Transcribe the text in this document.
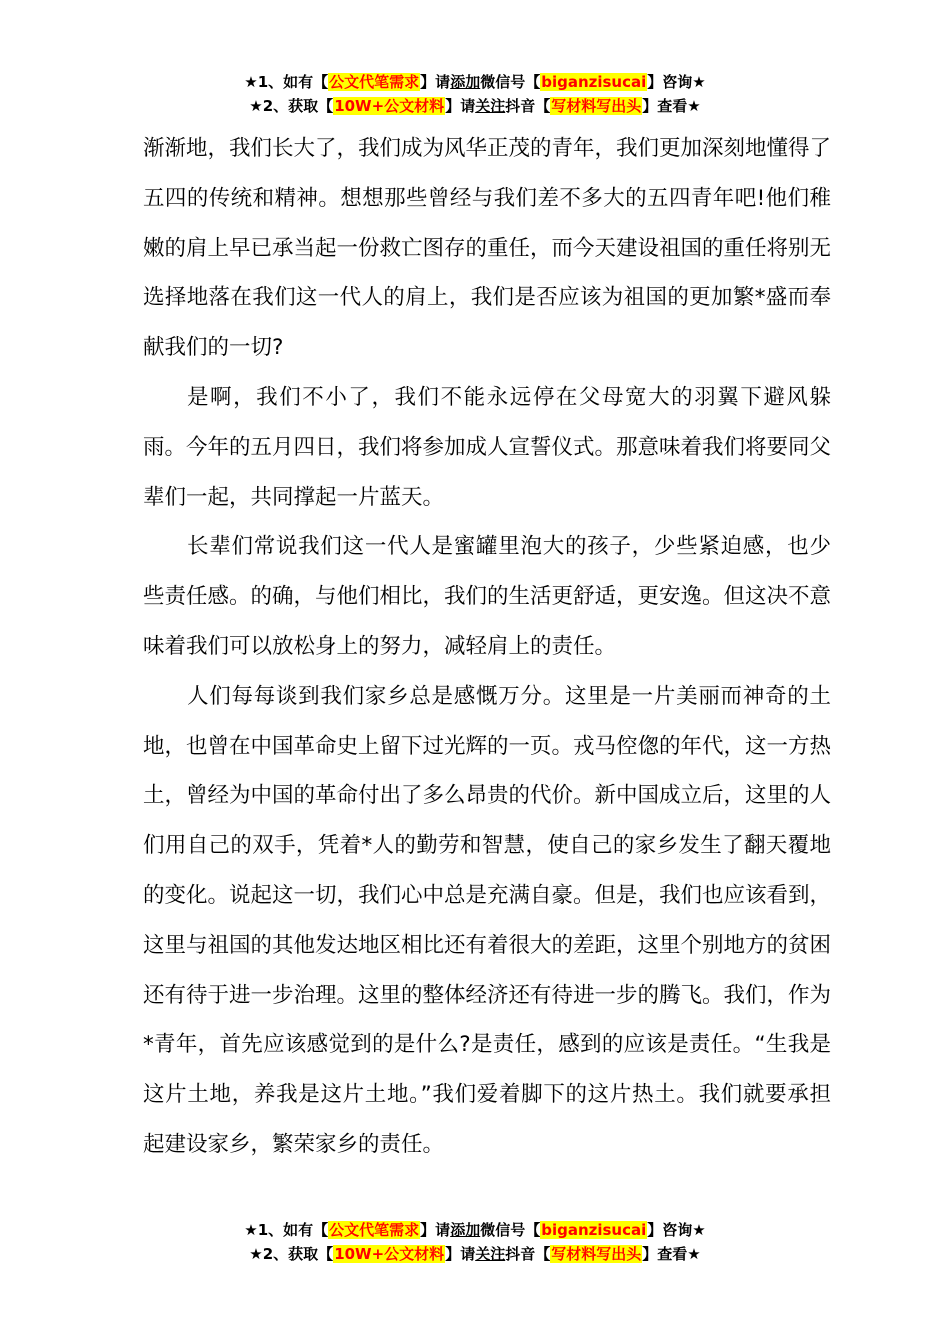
★1、如有【公文代笔需求】请添加微信号【biganzisucai】咨询★
★2、获取【10W+公文材料】请关注抖音【写材料写出头】查看★

渐渐地，我们长大了，我们成为风华正茂的青年，我们更加深刻地懂得了五四的传统和精神。想想那些曾经与我们差不多大的五四青年吧!他们稚嫩的肩上早已承当起一份救亡图存的重任，而今天建设祖国的重任将别无选择地落在我们这一代人的肩上，我们是否应该为祖国的更加繁*盛而奉献我们的一切?

是啊，我们不小了，我们不能永远停在父母宽大的羽翼下避风躲雨。今年的五月四日，我们将参加成人宣誓仪式。那意味着我们将要同父辈们一起，共同撑起一片蓝天。

长辈们常说我们这一代人是蜜罐里泡大的孩子，少些紧迫感，也少些责任感。的确，与他们相比，我们的生活更舒适，更安逸。但这决不意味着我们可以放松身上的努力，减轻肩上的责任。

人们每每谈到我们家乡总是感慨万分。这里是一片美丽而神奇的土地，也曾在中国革命史上留下过光辉的一页。戎马倥偬的年代，这一方热土，曾经为中国的革命付出了多么昂贵的代价。新中国成立后，这里的人们用自己的双手，凭着*人的勤劳和智慧，使自己的家乡发生了翻天覆地的变化。说起这一切，我们心中总是充满自豪。但是，我们也应该看到，这里与祖国的其他发达地区相比还有着很大的差距，这里个别地方的贫困还有待于进一步治理。这里的整体经济还有待进一步的腾飞。我们，作为*青年，首先应该感觉到的是什么?是责任，感到的应该是责任。“生我是这片土地，养我是这片土地。”我们爱着脚下的这片热土。我们就要承担起建设家乡，繁荣家乡的责任。

★1、如有【公文代笔需求】请添加微信号【biganzisucai】咨询★
★2、获取【10W+公文材料】请关注抖音【写材料写出头】查看★
